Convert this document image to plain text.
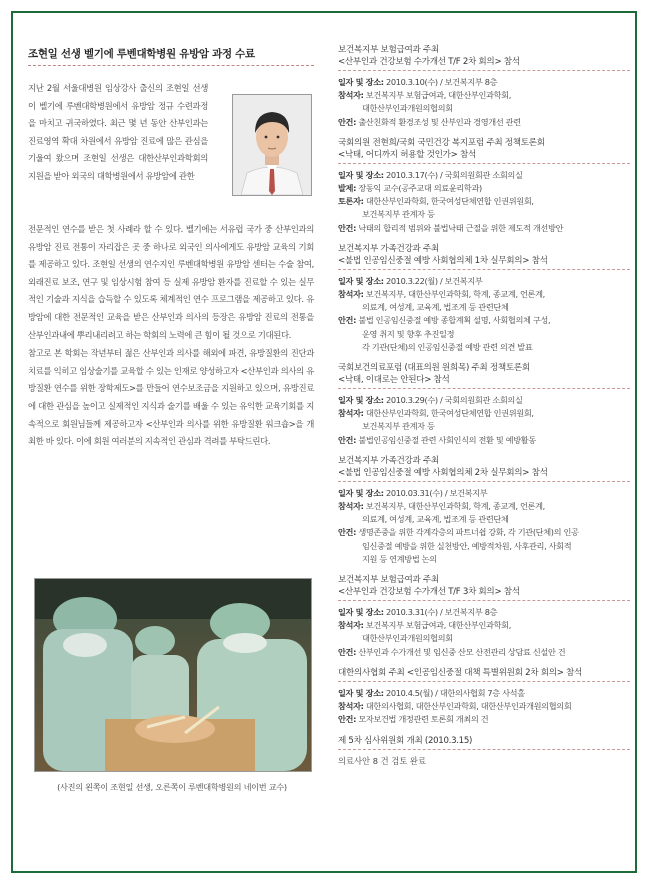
조현일 선생 벨기에 루벤대학병원 유방암 과정 수료

지난 2월 서울대병원 임상강사 출신의 조현일 선생이 벨기에 루벤대학병원에서 유방암 정규 수련과정을 마치고 귀국하였다. 최근 몇 년 동안 산부인과는 진료영역 확대 차원에서 유방암 진료에 많은 관심을 기울여 왔으며 조현일 선생은 대한산부인과학회의 지원을 받아 외국의 대학병원에서 유방암에 관한

전문적인 연수를 받은 첫 사례라 할 수 있다. 벨기에는 서유럽 국가 중 산부인과의 유방암 진료 전통이 자리잡은 곳 중 하나로 외국인 의사에게도 유방암 교육의 기회를 제공하고 있다. 조현일 선생의 연수지인 루벤대학병원 유방암 센터는 수술 참여, 외래진료 보조, 연구 및 임상시험 참여 등 실제 유방암 환자를 진료할 수 있는 실무적인 기술과 지식을 습득할 수 있도록 체계적인 연수 프로그램을 제공하고 있다. 유방암에 대한 전문적인 교육을 받은 산부인과 의사의 등장은 유방암 진료의 전통을 산부인과내에 뿌리내리려고 하는 학회의 노력에 큰 힘이 될 것으로 기대된다.

참고로 본 학회는 작년부터 젊은 산부인과 의사를 해외에 파견, 유방질환의 진단과 치료를 익히고 임상술기를 교육할 수 있는 인재로 양성하고자 <산부인과 의사의 유방질환 연수를 위한 장학제도>를 만들어 연수보조금을 지원하고 있으며, 유방진료에 대한 관심을 높이고 실제적인 지식과 술기를 배울 수 있는 유익한 교육기회를 지속적으로 회원님들께 제공하고자 <산부인과 의사를 위한 유방질환 워크숍>을 개최한 바 있다. 이에 회원 여러분의 지속적인 관심과 격려를 부탁드린다.

(사진의 왼쪽이 조현일 선생, 오른쪽이 루벤대학병원의 네이번 교수)
보건복지부 보험급여과 주최
<산부인과 건강보험 수가개선 T/F 2차 회의> 참석
일자 및 장소:
2010.3.10(수) / 보건복지부 8층
참석자:
보건복지부 보험급여과, 대한산부인과학회,
대한산부인과개원의협의회
안건:
출산친화적 환경조성 및 산부인과 경영개선 관련
국회의원 전현희/국회 국민건강 복지포럼 주최 정책토론회
<낙태, 어디까지 허용할 것인가> 참석
일자 및 장소:
2010.3.17(수) / 국회의원회관 소회의실
발제:
장동익 교수(공주교대 의료윤리학과)
토론자:
대한산부인과학회, 한국여성단체연합 인권위원회,
보건복지부 관계자 등
안건:
낙태의 합리적 범위와 불법낙태 근절을 위한 제도적 개선방안
보건복지부 가족건강과 주최
<불법 인공임신중절 예방 사회협의체 1차 실무회의> 참석
일자 및 장소:
2010.3.22(월) / 보건복지부
참석자:
보건복지부, 대한산부인과학회, 학계, 종교계, 언론계,
의료계, 여성계, 교육계, 법조계 등 관련단체
안건:
불법 인공임신중절 예방 종합계획 설명, 사회협의체 구성,
운영 취지 및 향후 추진일정
각 기관(단체)의 인공임신중절 예방 관련 의견 발표
국회보건의료포럼 (대표의원 원희목) 주최 정책토론회
<낙태, 이대로는 안된다> 참석
일자 및 장소:
2010.3.29(수) / 국회의원회관 소회의실
참석자:
대한산부인과학회, 한국여성단체연합 인권위원회,
보건복지부 관계자 등
안건:
불법인공임신중절 관련 사회인식의 전환 및 예방활동
보건복지부 가족건강과 주최
<불법 인공임신중절 예방 사회협의체 2차 실무회의> 참석
일자 및 장소:
2010.03.31(수) / 보건복지부
참석자:
보건복지부, 대한산부인과학회, 학계, 종교계, 언론계,
의료계, 여성계, 교육계, 법조계 등 관련단체
안건:
생명존중을 위한 각계각층의 파트너쉽 강화, 각 기관(단체)의 인공
임신중절 예방을 위한 실천방안, 예방적차원, 사후관리, 사회적
지원 등 연계방법 논의
보건복지부 보험급여과 주최
<산부인과 건강보험 수가개선 T/F 3차 회의> 참석
일자 및 장소:
2010.3.31(수) / 보건복지부 8층
참석자:
보건복지부 보험급여과, 대한산부인과학회,
대한산부인과개원의협의회
안건:
산부인과 수가개선 및 임신중 산모 산전관리 상담료 신설안 건
대한의사협회 주최 <인공임신중절 대책 특별위원회 2차 회의> 참석
일자 및 장소:
2010.4.5(월) / 대한의사협회 7층 사석홀
참석자:
대한의사협회, 대한산부인과학회, 대한산부인과개원의협의회
안건:
모자보건법 개정관련 토론회 개최의 건
제 5차 심사위원회 개최 (2010.3.15)
의료사안 8 건 검토 완료
